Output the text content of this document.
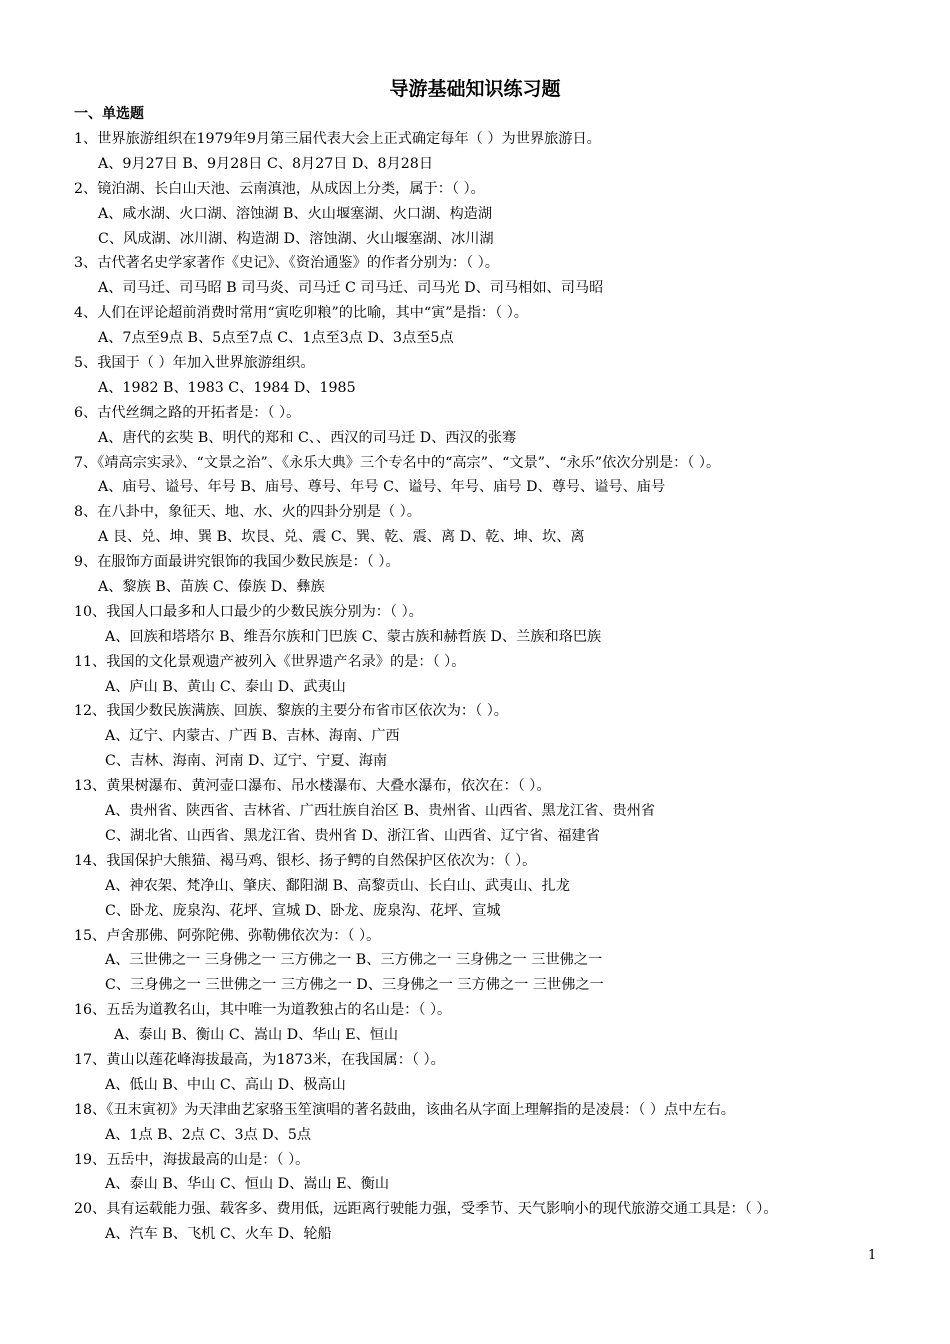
导游基础知识练习题
一、单选题
1、世界旅游组织在1979年9月第三届代表大会上正式确定每年（ ）为世界旅游日。
A、9月27日 B、9月28日 C、8月27日 D、8月28日
2、镜泊湖、长白山天池、云南滇池，从成因上分类，属于：（ ）。
A、咸水湖、火口湖、溶蚀湖 B、火山堰塞湖、火口湖、构造湖
C、风成湖、冰川湖、构造湖 D、溶蚀湖、火山堰塞湖、冰川湖
3、古代著名史学家著作《史记》、《资治通鉴》的作者分别为：（ ）。
A、司马迁、司马昭 B 司马炎、司马迁 C 司马迁、司马光 D、司马相如、司马昭
4、人们在评论超前消费时常用“寅吃卯粮”的比喻，其中“寅”是指：（ ）。
A、7点至9点 B、5点至7点 C、1点至3点 D、3点至5点
5、我国于（ ）年加入世界旅游组织。
A、1982 B、1983 C、1984 D、1985
6、古代丝绸之路的开拓者是：（ ）。
A、唐代的玄奘 B、明代的郑和 C、、西汉的司马迁 D、西汉的张骞
7、《靖高宗实录》、“文景之治”、《永乐大典》三个专名中的“高宗”、“文景”、“永乐”依次分别是：（ ）。
A、庙号、谥号、年号 B、庙号、尊号、年号 C、谥号、年号、庙号 D、尊号、谥号、庙号
8、在八卦中，象征天、地、水、火的四卦分别是（ ）。
A 艮、兑、坤、巽 B、坎艮、兑、震 C、巽、乾、震、离 D、乾、坤、坎、离
9、在服饰方面最讲究银饰的我国少数民族是：（ ）。
A、黎族 B、苗族 C、傣族 D、彝族
10、我国人口最多和人口最少的少数民族分别为：（ ）。
A、回族和塔塔尔 B、维吾尔族和门巴族 C、蒙古族和赫哲族 D、兰族和珞巴族
11、我国的文化景观遗产被列入《世界遗产名录》的是：（ ）。
A、庐山 B、黄山 C、泰山 D、武夷山
12、我国少数民族满族、回族、黎族的主要分布省市区依次为：（ ）。
A、辽宁、内蒙古、广西 B、吉林、海南、广西
C、吉林、海南、河南 D、辽宁、宁夏、海南
13、黄果树瀑布、黄河壶口瀑布、吊水楼瀑布、大叠水瀑布，依次在：（ ）。
A、贵州省、陕西省、吉林省、广西壮族自治区 B、贵州省、山西省、黑龙江省、贵州省
C、湖北省、山西省、黑龙江省、贵州省 D、浙江省、山西省、辽宁省、福建省
14、我国保护大熊猫、褐马鸡、银杉、扬子鳄的自然保护区依次为：（ ）。
A、神农架、梵净山、肇庆、鄱阳湖 B、高黎贡山、长白山、武夷山、扎龙
C、卧龙、庞泉沟、花坪、宣城 D、卧龙、庞泉沟、花坪、宣城
15、卢舍那佛、阿弥陀佛、弥勒佛依次为：（ ）。
A、三世佛之一 三身佛之一 三方佛之一 B、三方佛之一 三身佛之一 三世佛之一
C、三身佛之一 三世佛之一 三方佛之一 D、三身佛之一 三方佛之一 三世佛之一
16、五岳为道教名山，其中唯一为道教独占的名山是：（ ）。
A、泰山 B、衡山 C、嵩山 D、华山 E、恒山
17、黄山以莲花峰海拔最高，为1873米，在我国属：（ ）。
A、低山 B、中山 C、高山 D、极高山
18、《丑末寅初》为天津曲艺家骆玉笙演唱的著名鼓曲，该曲名从字面上理解指的是凌晨：（ ）点中左右。
A、1点 B、2点 C、3点 D、5点
19、五岳中，海拔最高的山是：（ ）。
A、泰山 B、华山 C、恒山 D、嵩山 E、衡山
20、具有运载能力强、载客多、费用低，远距离行驶能力强，受季节、天气影响小的现代旅游交通工具是：（ ）。
A、汽车 B、飞机 C、火车 D、轮船
1
